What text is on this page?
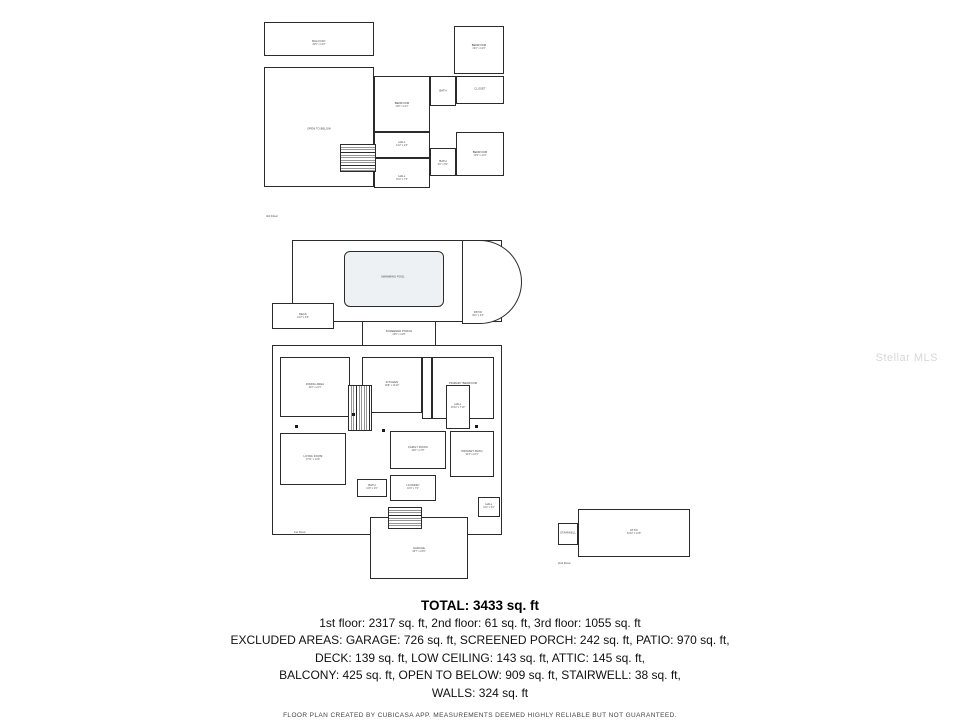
Stellar MLS
BALCONY
30'5" x 12'3"	BEDROOM
13'2" x 12'4"
OPEN TO BELOW
BEDROOM
13'8" x 14'1"
BATH
CLOSET
BEDROOM
14'9" x 11'4"
HALL
14'2" x 4'6"
HALL
15'2" x 7'6"
BATH
5'0" x 8'2"
3rd Floor
SWIMMING POOL
PATIO
39'1" x 6'3"
DECK
21'2" x 6'8"
SCREENED PORCH
16'6" x 14'8"
DINING AREA
10'2" x 21'1"
KITCHEN
18'8" x 12'10"
PRIMARY BEDROOM
FAMILY ROOM
14'8" x 17'8"
LIVING ROOM
17'11" x 14'6"
PRIMARY BATH
10'3" x 16'1"
LAUNDRY
10'0" x 7'0"
BATH
11'8" x 4'0"
HALL
16'10" x 7'10"
HALL
11'2" x 6'2"
GARAGE
26'7" x 23'9"
1st Floor	ATTIC
34'10" x 13'8"
STAIRWELL
2nd Floor
TOTAL: 3433 sq. ft
1st floor: 2317 sq. ft, 2nd floor: 61 sq. ft, 3rd floor: 1055 sq. ft
EXCLUDED AREAS: GARAGE: 726 sq. ft, SCREENED PORCH: 242 sq. ft, PATIO: 970 sq. ft,
DECK: 139 sq. ft, LOW CEILING: 143 sq. ft, ATTIC: 145 sq. ft,
BALCONY: 425 sq. ft, OPEN TO BELOW: 909 sq. ft, STAIRWELL: 38 sq. ft,
WALLS: 324 sq. ft
FLOOR PLAN CREATED BY CUBICASA APP. MEASUREMENTS DEEMED HIGHLY RELIABLE BUT NOT GUARANTEED.
